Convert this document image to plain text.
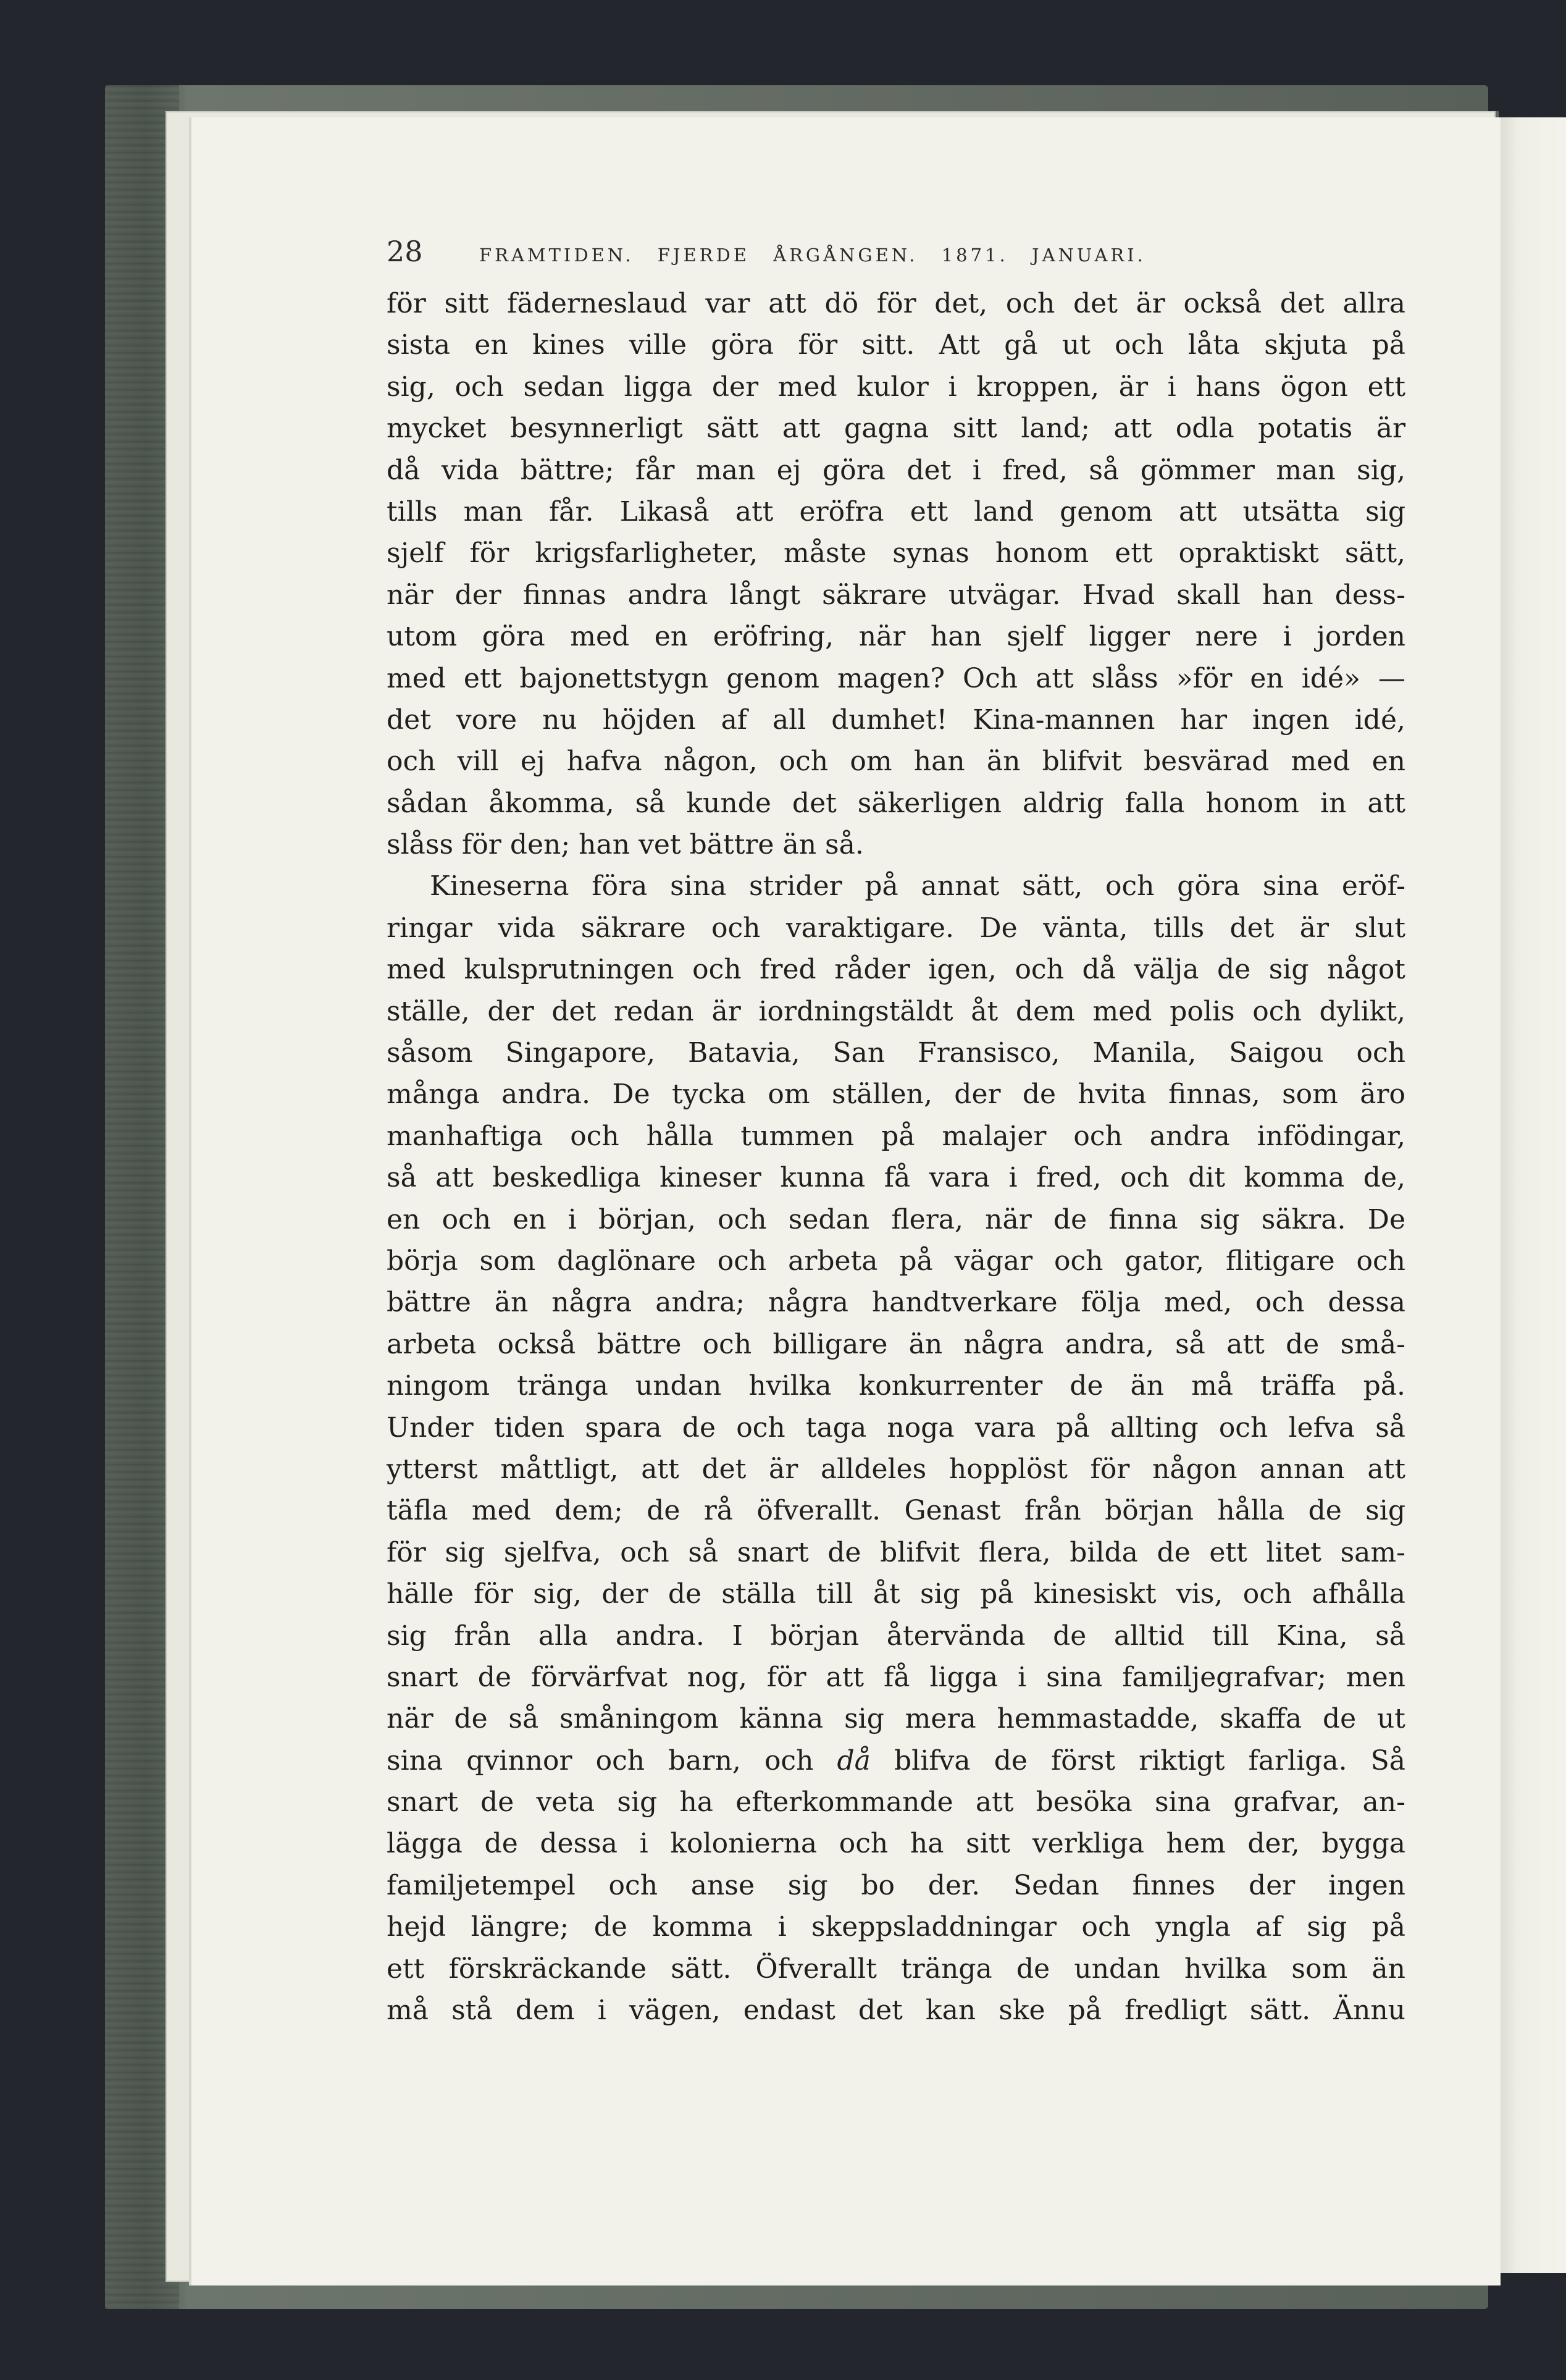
28	FRAMTIDEN. FJERDE ÅRGÅNGEN. 1871. JANUARI.
för sitt fäderneslaud var att dö för det, och det är också det allra
sista en kines ville göra för sitt. Att gå ut och låta skjuta på
sig, och sedan ligga der med kulor i kroppen, är i hans ögon ett
mycket besynnerligt sätt att gagna sitt land; att odla potatis är
då vida bättre; får man ej göra det i fred, så gömmer man sig,
tills man får. Likaså att eröfra ett land genom att utsätta sig
sjelf för krigsfarligheter, måste synas honom ett opraktiskt sätt,
när der finnas andra långt säkrare utvägar. Hvad skall han dess-
utom göra med en eröfring, när han sjelf ligger nere i jorden
med ett bajonettstygn genom magen? Och att slåss »för en idé» —
det vore nu höjden af all dumhet! Kina-mannen har ingen idé,
och vill ej hafva någon, och om han än blifvit besvärad med en
sådan åkomma, så kunde det säkerligen aldrig falla honom in att
slåss för den; han vet bättre än så.
Kineserna föra sina strider på annat sätt, och göra sina eröf-
ringar vida säkrare och varaktigare. De vänta, tills det är slut
med kulsprutningen och fred råder igen, och då välja de sig något
ställe, der det redan är iordningstäldt åt dem med polis och dylikt,
såsom Singapore, Batavia, San Fransisco, Manila, Saigou och
många andra. De tycka om ställen, der de hvita finnas, som äro
manhaftiga och hålla tummen på malajer och andra infödingar,
så att beskedliga kineser kunna få vara i fred, och dit komma de,
en och en i början, och sedan flera, när de finna sig säkra. De
börja som daglönare och arbeta på vägar och gator, flitigare och
bättre än några andra; några handtverkare följa med, och dessa
arbeta också bättre och billigare än några andra, så att de små-
ningom tränga undan hvilka konkurrenter de än må träffa på.
Under tiden spara de och taga noga vara på allting och lefva så
ytterst måttligt, att det är alldeles hopplöst för någon annan att
täfla med dem; de rå öfverallt. Genast från början hålla de sig
för sig sjelfva, och så snart de blifvit flera, bilda de ett litet sam-
hälle för sig, der de ställa till åt sig på kinesiskt vis, och afhålla
sig från alla andra. I början återvända de alltid till Kina, så
snart de förvärfvat nog, för att få ligga i sina familjegrafvar; men
när de så småningom känna sig mera hemmastadde, skaffa de ut
sina qvinnor och barn, och då blifva de först riktigt farliga. Så
snart de veta sig ha efterkommande att besöka sina grafvar, an-
lägga de dessa i kolonierna och ha sitt verkliga hem der, bygga
familjetempel och anse sig bo der. Sedan finnes der ingen
hejd längre; de komma i skeppsladdningar och yngla af sig på
ett förskräckande sätt. Öfverallt tränga de undan hvilka som än
må stå dem i vägen, endast det kan ske på fredligt sätt. Ännu
